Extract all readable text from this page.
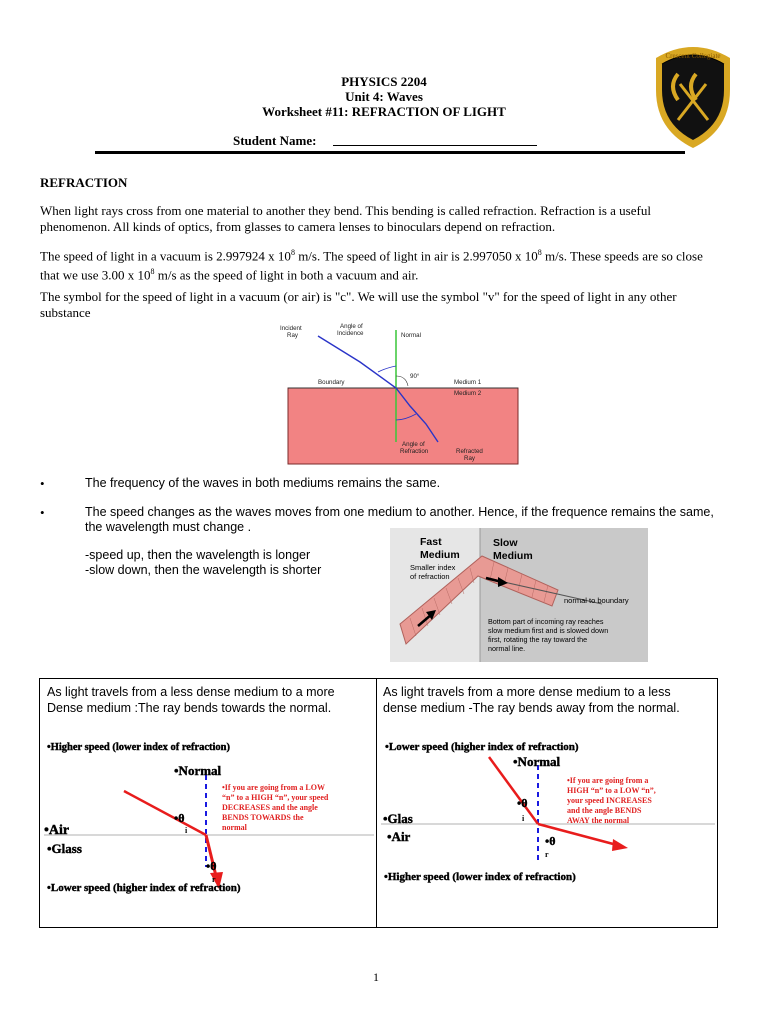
Crescent Collegiate
PHYSICS 2204
Unit 4: Waves
Worksheet #11: REFRACTION OF LIGHT
Student Name:
REFRACTION
When light rays cross from one material to another they bend. This bending is called refraction. Refraction is a useful phenomenon. All kinds of optics, from glasses to camera lenses to binoculars depend on refraction.
The speed of light in a vacuum is 2.997924 x $10^8$ m/s. The speed of light in air is 2.997050 x $10^8$ m/s. These speeds are so close that we use 3.00 x $10^8$ m/s as the speed of light in both a vacuum and air.
The symbol for the speed of light in a vacuum (or air) is "c". We will use the symbol "v" for the speed of light in any other substance
Incident
Ray
Angle of
Incidence	Normal
Boundary
90°
Medium 1
Medium 2
Angle of
Refraction	Refracted
Ray
•	The frequency of the waves in both mediums remains the same.
•	The speed changes as the waves moves from one medium to another. Hence, if the frequence remains the same, the wavelength must change .
-speed up, then the wavelength is longer
-slow down, then the wavelength is shorter
Fast
Medium
Slow
Medium
Smaller index
of refraction
normal to boundary
Bottom part of incoming ray reaches
slow medium first and is slowed down
first, rotating the ray toward the
normal line.
As light travels from a less dense medium to a more
Dense medium :The ray bends towards the normal.
•Higher speed (lower index of refraction)
•Normal
•θ
i
•θ
r
•Air
•Glass
•Lower speed (higher index of refraction)
•If you are going from a LOW
“n” to a HIGH “n”, your speed
DECREASES and the angle
BENDS TOWARDS the
normal
As light travels from a more dense medium to a less
dense medium -The ray bends away from the normal.
•Lower speed (higher index of refraction)
•Normal
•θ
i
•θ
r
•Glas
•Air
•Higher speed (lower index of refraction)
•If you are going from a
HIGH “n” to a LOW “n”,
your speed INCREASES
and the angle BENDS
AWAY the normal
1
